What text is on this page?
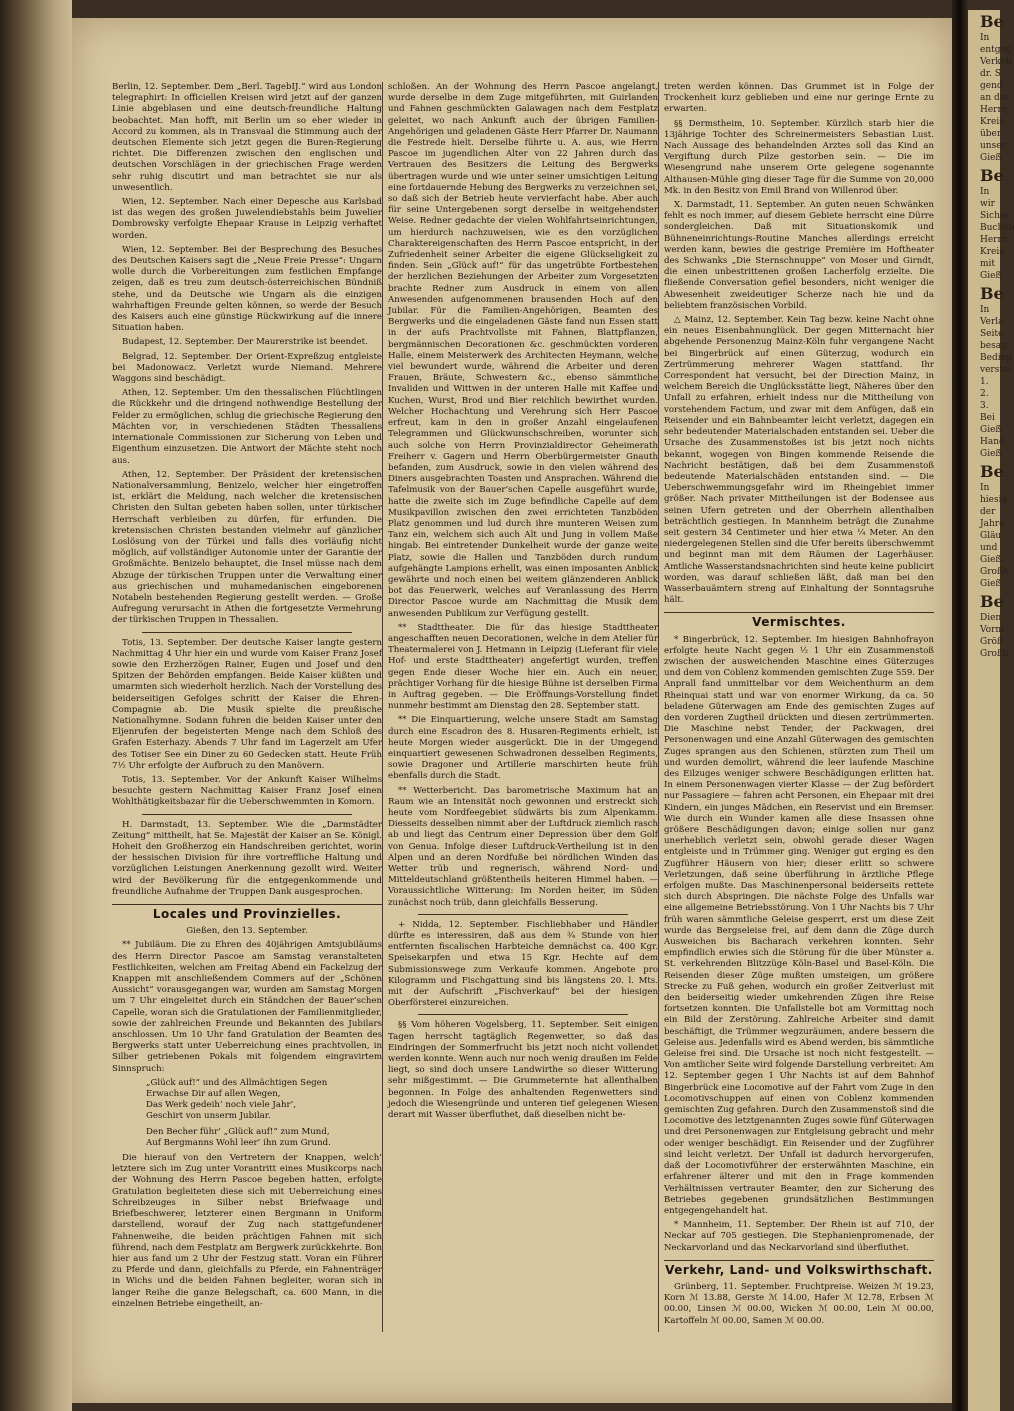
Berlin, 12. September. Dem „Berl. TagebĲ.“ wird aus London telegraphirt: In officiellen Kreisen wird jetzt auf der ganzen Linie abgeblasen und eine deutsch-freundliche Haltung beobachtet. Man hofft, mit Berlin um so eher wieder in Accord zu kommen, als in Transvaal die Stimmung auch der deutschen Elemente sich jetzt gegen die Buren-Regierung richtet. Die Differenzen zwischen den englischen und deutschen Vorschlägen in der griechischen Frage werden sehr ruhig discutirt und man betrachtet sie nur als unwesentlich.

Wien, 12. September. Nach einer Depesche aus Karlsbad ist das wegen des großen Juwelendiebstahls beim Juwelier Dombrowsky verfolgte Ehepaar Krause in Leipzig verhaftet worden.

Wien, 12. September. Bei der Besprechung des Besuches des Deutschen Kaisers sagt die „Neue Freie Presse“: Ungarn wolle durch die Vorbereitungen zum festlichen Empfange zeigen, daß es treu zum deutsch-österreichischen Bündniß stehe, und da Deutsche wie Ungarn als die einzigen wahrhaftigen Freunde gelten können, so werde der Besuch des Kaisers auch eine günstige Rückwirkung auf die innere Situation haben.

Budapest, 12. September. Der Maurerstrike ist beendet.

Belgrad, 12. September. Der Orient-Expreßzug entgleiste bei Madonowacz. Verletzt wurde Niemand. Mehrere Waggons sind beschädigt.

Athen, 12. September. Um den thessalischen Flüchtlingen die Rückkehr und die dringend nothwendige Bestellung der Felder zu ermöglichen, schlug die griechische Regierung den Mächten vor, in verschiedenen Städten Thessaliens internationale Commissionen zur Sicherung von Leben und Eigenthum einzusetzen. Die Antwort der Mächte steht noch aus.

Athen, 12. September. Der Präsident der kretensischen Nationalversammlung, Benizelo, welcher hier eingetroffen ist, erklärt die Meldung, nach welcher die kretensischen Christen den Sultan gebeten haben sollen, unter türkischer Herrschaft verbleiben zu dürfen, für erfunden. Die kretensischen Christen bestanden vielmehr auf gänzlicher Loslösung von der Türkei und falls dies vorläufig nicht möglich, auf vollständiger Autonomie unter der Garantie der Großmächte. Benizelo behauptet, die Insel müsse nach dem Abzuge der türkischen Truppen unter die Verwaltung einer aus griechischen und muhamedanischen eingeborenen Notabeln bestehenden Regierung gestellt werden. — Große Aufregung verursacht in Athen die fortgesetzte Vermehrung der türkischen Truppen in Thessalien.

Totis, 13. September. Der deutsche Kaiser langte gestern Nachmittag 4 Uhr hier ein und wurde vom Kaiser Franz Josef sowie den Erzherzögen Rainer, Eugen und Josef und den Spitzen der Behörden empfangen. Beide Kaiser küßten und umarmten sich wiederholt herzlich. Nach der Vorstellung des beiderseitigen Gefolges schritt der Kaiser die Ehren-Compagnie ab. Die Musik spielte die preußische Nationalhymne. Sodann fuhren die beiden Kaiser unter den Eljenrufen der begeisterten Menge nach dem Schloß des Grafen Esterhazy. Abends 7 Uhr fand im Lagerzelt am Ufer des Totiser See ein Diner zu 60 Gedecken statt. Heute Früh 7½ Uhr erfolgte der Aufbruch zu den Manövern.

Totis, 13. September. Vor der Ankunft Kaiser Wilhelms besuchte gestern Nachmittag Kaiser Franz Josef einen Wohlthätigkeitsbazar für die Ueberschwemmten in Komorn.

H. Darmstadt, 13. September. Wie die „Darmstädter Zeitung“ mittheilt, hat Se. Majestät der Kaiser an Se. Königl. Hoheit den Großherzog ein Handschreiben gerichtet, worin der hessischen Division für ihre vortreffliche Haltung und vorzüglichen Leistungen Anerkennung gezollt wird. Weiter wird der Bevölkerung für die entgegenkommende und freundliche Aufnahme der Truppen Dank ausgesprochen.

Locales und Provinzielles.

Gießen, den 13. September.

** Jubiläum. Die zu Ehren des 40jährigen Amtsjubiläums des Herrn Director Pascoe am Samstag veranstalteten Festlichkeiten, welchen am Freitag Abend ein Fackelzug der Knappen mit anschließendem Commers auf der „Schönen Aussicht“ vorausgegangen war, wurden am Samstag Morgen um 7 Uhr eingeleitet durch ein Ständchen der Bauer’schen Capelle, woran sich die Gratulationen der Familienmitglieder, sowie der zahlreichen Freunde und Bekannten des Jubilars anschlossen. Um 10 Uhr fand Gratulation der Beamten des Bergwerks statt unter Ueberreichung eines prachtvollen, in Silber getriebenen Pokals mit folgendem eingravirtem Sinnspruch:

„Glück auf!“ und des Allmächtigen Segen
Erwachse Dir auf allen Wegen,
Das Werk gedeih’ noch viele Jahr’,
Geschirt von unserm Jubilar.
Den Becher führ’ „Glück auf!“ zum Mund,
Auf Bergmanns Wohl leer’ ihn zum Grund.

Die hierauf von den Vertretern der Knappen, welch’ letztere sich im Zug unter Vorantritt eines Musikcorps nach der Wohnung des Herrn Pascoe begeben hatten, erfolgte Gratulation begleiteten diese sich mit Ueberreichung eines Schreibzeuges in Silber nebst Briefwaage und Briefbeschwerer, letzterer einen Bergmann in Uniform darstellend, worauf der Zug nach stattgefundener Fahnenweihe, die beiden prächtigen Fahnen mit sich führend, nach dem Festplatz am Bergwerk zurückkehrte. Bon hier aus fand um 2 Uhr der Festzug statt. Voran ein Führer zu Pferde und dann, gleichfalls zu Pferde, ein Fahnenträger in Wichs und die beiden Fahnen begleiter, woran sich in langer Reihe die ganze Belegschaft, ca. 600 Mann, in die einzelnen Betriebe eingetheilt, an-

schloßen. An der Wohnung des Herrn Pascoe angelangt, wurde derselbe in dem Zuge mitgeführten, mit Guirlanden und Fahnen geschmückten Galawagen nach dem Festplatz geleitet, wo nach Ankunft auch der übrigen Familien-Angehörigen und geladenen Gäste Herr Pfarrer Dr. Naumann die Festrede hielt. Derselbe führte u. A. aus, wie Herrn Pascoe im jugendlichen Alter von 22 Jahren durch das Vertrauen des Besitzers die Leitung des Bergwerks übertragen wurde und wie unter seiner umsichtigen Leitung eine fortdauernde Hebung des Bergwerks zu verzeichnen sei, so daß sich der Betrieb heute vervierfacht habe. Aber auch für seine Untergebenen sorgt derselbe in weitgehendster Weise. Redner gedachte der vielen Wohlfahrtseinrichtungen, um hierdurch nachzuweisen, wie es den vorzüglichen Charaktereigenschaften des Herrn Pascoe entspricht, in der Zufriedenheit seiner Arbeiter die eigene Glückseligkeit zu finden. Sein „Glück auf!“ für das ungetrübte Fortbestehen der herzlichen Beziehungen der Arbeiter zum Vorgesetzten brachte Redner zum Ausdruck in einem von allen Anwesenden aufgenommenen brausenden Hoch auf den Jubilar. Für die Familien-Angehörigen, Beamten des Bergwerks und die eingeladenen Gäste fand nun Essen statt in der aufs Prachtvollste mit Fahnen, Blattpflanzen, bergmännischen Decorationen &c. geschmückten vorderen Halle, einem Meisterwerk des Architecten Heymann, welche viel bewundert wurde, während die Arbeiter und deren Frauen, Bräute, Schwestern &c., ebenso sämmtliche Invaliden und Wittwen in der unteren Halle mit Kaffee und Kuchen, Wurst, Brod und Bier reichlich bewirthet wurden. Welcher Hochachtung und Verehrung sich Herr Pascoe erfreut, kam in den in großer Anzahl eingelaufenen Telegrammen und Glückwunschschreiben, worunter sich auch solche von Herrn Provinzialdirector Geheimerath Freiherr v. Gagern und Herrn Oberbürgermeister Gnauth befanden, zum Ausdruck, sowie in den vielen während des Diners ausgebrachten Toasten und Ansprachen. Während die Tafelmusik von der Bauer’schen Capelle ausgeführt wurde, hatte die zweite sich im Zuge befindliche Capelle auf dem Musikpavillon zwischen den zwei errichteten Tanzböden Platz genommen und lud durch ihre munteren Weisen zum Tanz ein, welchem sich auch Alt und Jung in vollem Maße hingab. Bei eintretender Dunkelheit wurde der ganze weite Platz, sowie die Hallen und Tanzböden durch rundum aufgehängte Lampions erhellt, was einen imposanten Anblick gewährte und noch einen bei weitem glänzenderen Anblick bot das Feuerwerk, welches auf Veranlassung des Herrn Director Pascoe wurde am Nachmittag die Musik dem anwesenden Publikum zur Verfügung gestellt.

** Stadttheater. Die für das hiesige Stadttheater angeschafften neuen Decorationen, welche in dem Atelier für Theatermalerei von J. Hetmann in Leipzig (Lieferant für viele Hof- und erste Stadttheater) angefertigt wurden, treffen gegen Ende dieser Woche hier ein. Auch ein neuer, prächtiger Vorhang für die hiesige Bühne ist derselben Firma in Auftrag gegeben. — Die Eröffnungs-Vorstellung findet nunmehr bestimmt am Dienstag den 28. September statt.

** Die Einquartierung, welche unsere Stadt am Samstag durch eine Escadron des 8. Husaren-Regiments erhielt, ist heute Morgen wieder ausgerückt. Die in der Umgegend einquartiert gewesenen Schwadronen desselben Regiments, sowie Dragoner und Artillerie marschirten heute früh ebenfalls durch die Stadt.

** Wetterbericht. Das barometrische Maximum hat an Raum wie an Intensität noch gewonnen und erstreckt sich heute vom Nordfeegebiet südwärts bis zum Alpenkamm. Diesseits desselben nimmt aber der Luftdruck ziemlich rasch ab und liegt das Centrum einer Depression über dem Golf von Genua. Infolge dieser Luftdruck-Vertheilung ist in den Alpen und an deren Nordfuße bei nördlichen Winden das Wetter trüb und regnerisch, während Nord- und Mitteldeutschland größtentheils heiteren Himmel haben. — Voraussichtliche Witterung: Im Norden heiter, im Süden zunächst noch trüb, dann gleichfalls Besserung.

+ Nidda, 12. September. Fischliebhaber und Händler dürfte es interessiren, daß aus dem ¾ Stunde von hier entfernten fiscalischen Harbteiche demnächst ca. 400 Kgr. Speisekarpfen und etwa 15 Kgr. Hechte auf dem Submissionswege zum Verkaufe kommen. Angebote pro Kilogramm und Fischgattung sind bis längstens 20. l. Mts. mit der Aufschrift „Fischverkauf“ bei der hiesigen Oberförsterei einzureichen.

§§ Vom höheren Vogelsberg, 11. September. Seit einigen Tagen herrscht tagtäglich Regenwetter, so daß das Eindringen der Sommerfrucht bis jetzt noch nicht vollendet werden konnte. Wenn auch nur noch wenig draußen im Felde liegt, so sind doch unsere Landwirthe so dieser Witterung sehr mißgestimmt. — Die Grummeternte hat allenthalben begonnen. In Folge des anhaltenden Regenwetters sind jedoch die Wiesengründe und unteren tief gelegenen Wiesen derart mit Wasser überfluthet, daß dieselben nicht be-

treten werden können. Das Grummet ist in Folge der Trockenheit kurz geblieben und eine nur geringe Ernte zu erwarten.

§§ Dermstheim, 10. September. Kürzlich starb hier die 13jährige Tochter des Schreinermeisters Sebastian Lust. Nach Aussage des behandelnden Arztes soll das Kind an Vergiftung durch Pilze gestorben sein. — Die im Wiesengrund nahe unserem Orte gelegene sogenannte Althausen-Mühle ging dieser Tage für die Summe von 20,000 Mk. in den Besitz von Emil Brand von Willenrod über.

X. Darmstadt, 11. September. An guten neuen Schwänken fehlt es noch immer, auf diesem Gebiete herrscht eine Dürre sondergleichen. Daß mit Situationskomik und Bühneneinrichtungs-Routine Manches allerdings erreicht werden kann, bewies die gestrige Première im Hoftheater des Schwanks „Die Sternschnuppe“ von Moser und Girndt, die einen unbestrittenen großen Lacherfolg erzielte. Die fließende Conversation gefiel besonders, nicht weniger die Abwesenheit zweideutiger Scherze nach hie und da beliebtem französischen Vorbild.

△ Mainz, 12. September. Kein Tag bezw. keine Nacht ohne ein neues Eisenbahnunglück. Der gegen Mitternacht hier abgehende Personenzug Mainz-Köln fuhr vergangene Nacht bei Bingerbrück auf einen Güterzug, wodurch ein Zertrümmerung mehrerer Wagen stattfand. Ihr Correspondent hat versucht, bei der Direction Mainz, in welchem Bereich die Unglücksstätte liegt, Näheres über den Unfall zu erfahren, erhielt indess nur die Mittheilung von vorstehendem Factum, und zwar mit dem Anfügen, daß ein Reisender und ein Bahnbeamter leicht verletzt, dagegen ein sehr bedeutender Materialschaden entstanden sei. Ueber die Ursache des Zusammenstoßes ist bis jetzt noch nichts bekannt, wogegen von Bingen kommende Reisende die Nachricht bestätigen, daß bei dem Zusammenstoß bedeutende Materialschäden entstanden sind. — Die Ueberschwemmungsgefahr wird im Rheingebiet immer größer. Nach privater Mittheilungen ist der Bodensee aus seinen Ufern getreten und der Oberrhein allenthalben beträchtlich gestiegen. In Mannheim beträgt die Zunahme seit gestern 34 Centimeter und hier etwa ¼ Meter. An den niedergelegenen Stellen sind die Ufer bereits überschwemmt und beginnt man mit dem Räumen der Lagerhäuser. Amtliche Wasserstandsnachrichten sind heute keine publicirt worden, was darauf schließen läßt, daß man bei den Wasserbauämtern streng auf Einhaltung der Sonntagsruhe hält.

Vermischtes.

* Bingerbrück, 12. September. Im hiesigen Bahnhofrayon erfolgte heute Nacht gegen ½ 1 Uhr ein Zusammenstoß zwischen der ausweichenden Maschine eines Güterzuges und dem von Coblenz kommenden gemischten Zuge 559. Der Anprall fand unmittelbar vor dem Weichenthurm an dem Rheinquai statt und war von enormer Wirkung, da ca. 50 beladene Güterwagen am Ende des gemischten Zuges auf den vorderen Zugtheil drückten und diesen zertrümmerten. Die Maschine nebst Tender, der Packwagen, drei Personenwagen und eine Anzahl Güterwagen des gemischten Zuges sprangen aus den Schienen, stürzten zum Theil um und wurden demolirt, während die leer laufende Maschine des Eilzuges weniger schwere Beschädigungen erlitten hat. In einem Personenwagen vierter Klasse — der Zug befördert nur Passagiere — fahren acht Personen, ein Ehepaar mit drei Kindern, ein junges Mädchen, ein Reservist und ein Bremser. Wie durch ein Wunder kamen alle diese Insassen ohne größere Beschädigungen davon; einige sollen nur ganz unerheblich verletzt sein, obwohl gerade dieser Wagen entgleiste und in Trümmer ging. Weniger gut erging es den Zugführer Häusern von hier; dieser erlitt so schwere Verletzungen, daß seine überführung in ärztliche Pflege erfolgen mußte. Das Maschinenpersonal beiderseits rettete sich durch Abspringen. Die nächste Folge des Unfalls war eine allgemeine Betriebsstörung. Von 1 Uhr Nachts bis 7 Uhr früh waren sämmtliche Geleise gesperrt, erst um diese Zeit wurde das Bergseleise frei, auf dem dann die Züge durch Ausweichen bis Bacharach verkehren konnten. Sehr empfindlich erwies sich die Störung für die über Münster a. St. verkehrenden Blitzzüge Köln-Basel und Basel-Köln. Die Reisenden dieser Züge mußten umsteigen, um größere Strecke zu Fuß gehen, wodurch ein großer Zeitverlust mit den beiderseitig wieder umkehrenden Zügen ihre Reise fortsetzen konnten. Die Unfallstelle bot am Vormittag noch ein Bild der Zerstörung. Zahlreiche Arbeiter sind damit beschäftigt, die Trümmer wegzuräumen, andere bessern die Geleise aus. Jedenfalls wird es Abend werden, bis sämmtliche Geleise frei sind. Die Ursache ist noch nicht festgestellt. — Von amtlicher Seite wird folgende Darstellung verbreitet: Am 12. September gegen 1 Uhr Nachts ist auf dem Bahnhof Bingerbrück eine Locomotive auf der Fahrt vom Zuge in den Locomotivschuppen auf einen von Coblenz kommenden gemischten Zug gefahren. Durch den Zusammenstoß sind die Locomotive des letztgenannten Zuges sowie fünf Güterwagen und drei Personenwagen zur Entgleisung gebracht und mehr oder weniger beschädigt. Ein Reisender und der Zugführer sind leicht verletzt. Der Unfall ist dadurch hervorgerufen, daß der Locomotivführer der ersterwähnten Maschine, ein erfahrener älterer und mit den in Frage kommenden Verhältnissen vertrauter Beamter, den zur Sicherung des Betriebes gegebenen grundsätzlichen Bestimmungen entgegengehandelt hat.

* Mannheim, 11. September. Der Rhein ist auf 710, der Neckar auf 705 gestiegen. Die Stephanienpromenade, der Neckarvorland und das Neckarvorland sind überfluthet.

Verkehr, Land- und Volkswirthschaft.

Grünberg, 11. September. Fruchtpreise. Weizen ℳ 19.23, Korn ℳ 13.88, Gerste ℳ 14.00, Hafer ℳ 12.78, Erbsen ℳ 00.00, Linsen ℳ 00.00, Wicken ℳ 00.00, Lein ℳ 00.00, Kartoffeln ℳ 00.00, Samen ℳ 00.00.

Be
In
entgeg
Verkeh
dr. S
gend
an der
Herrn
Kreis
über
unser
Gieß
Be
In
wir
Sicher
Bucheb
Herrn
Kreis
mit
Gieß
Be
In
Verla
Seite
besag
Beding
verstei
1.
2.
3.
Bei
Gieß
Hand
Gieß
Be
In
hiesig
der
Jahre
Gläu
und
Gieß
Großh
Gieß
Be
Dien
Vorm
Größ
Großh
